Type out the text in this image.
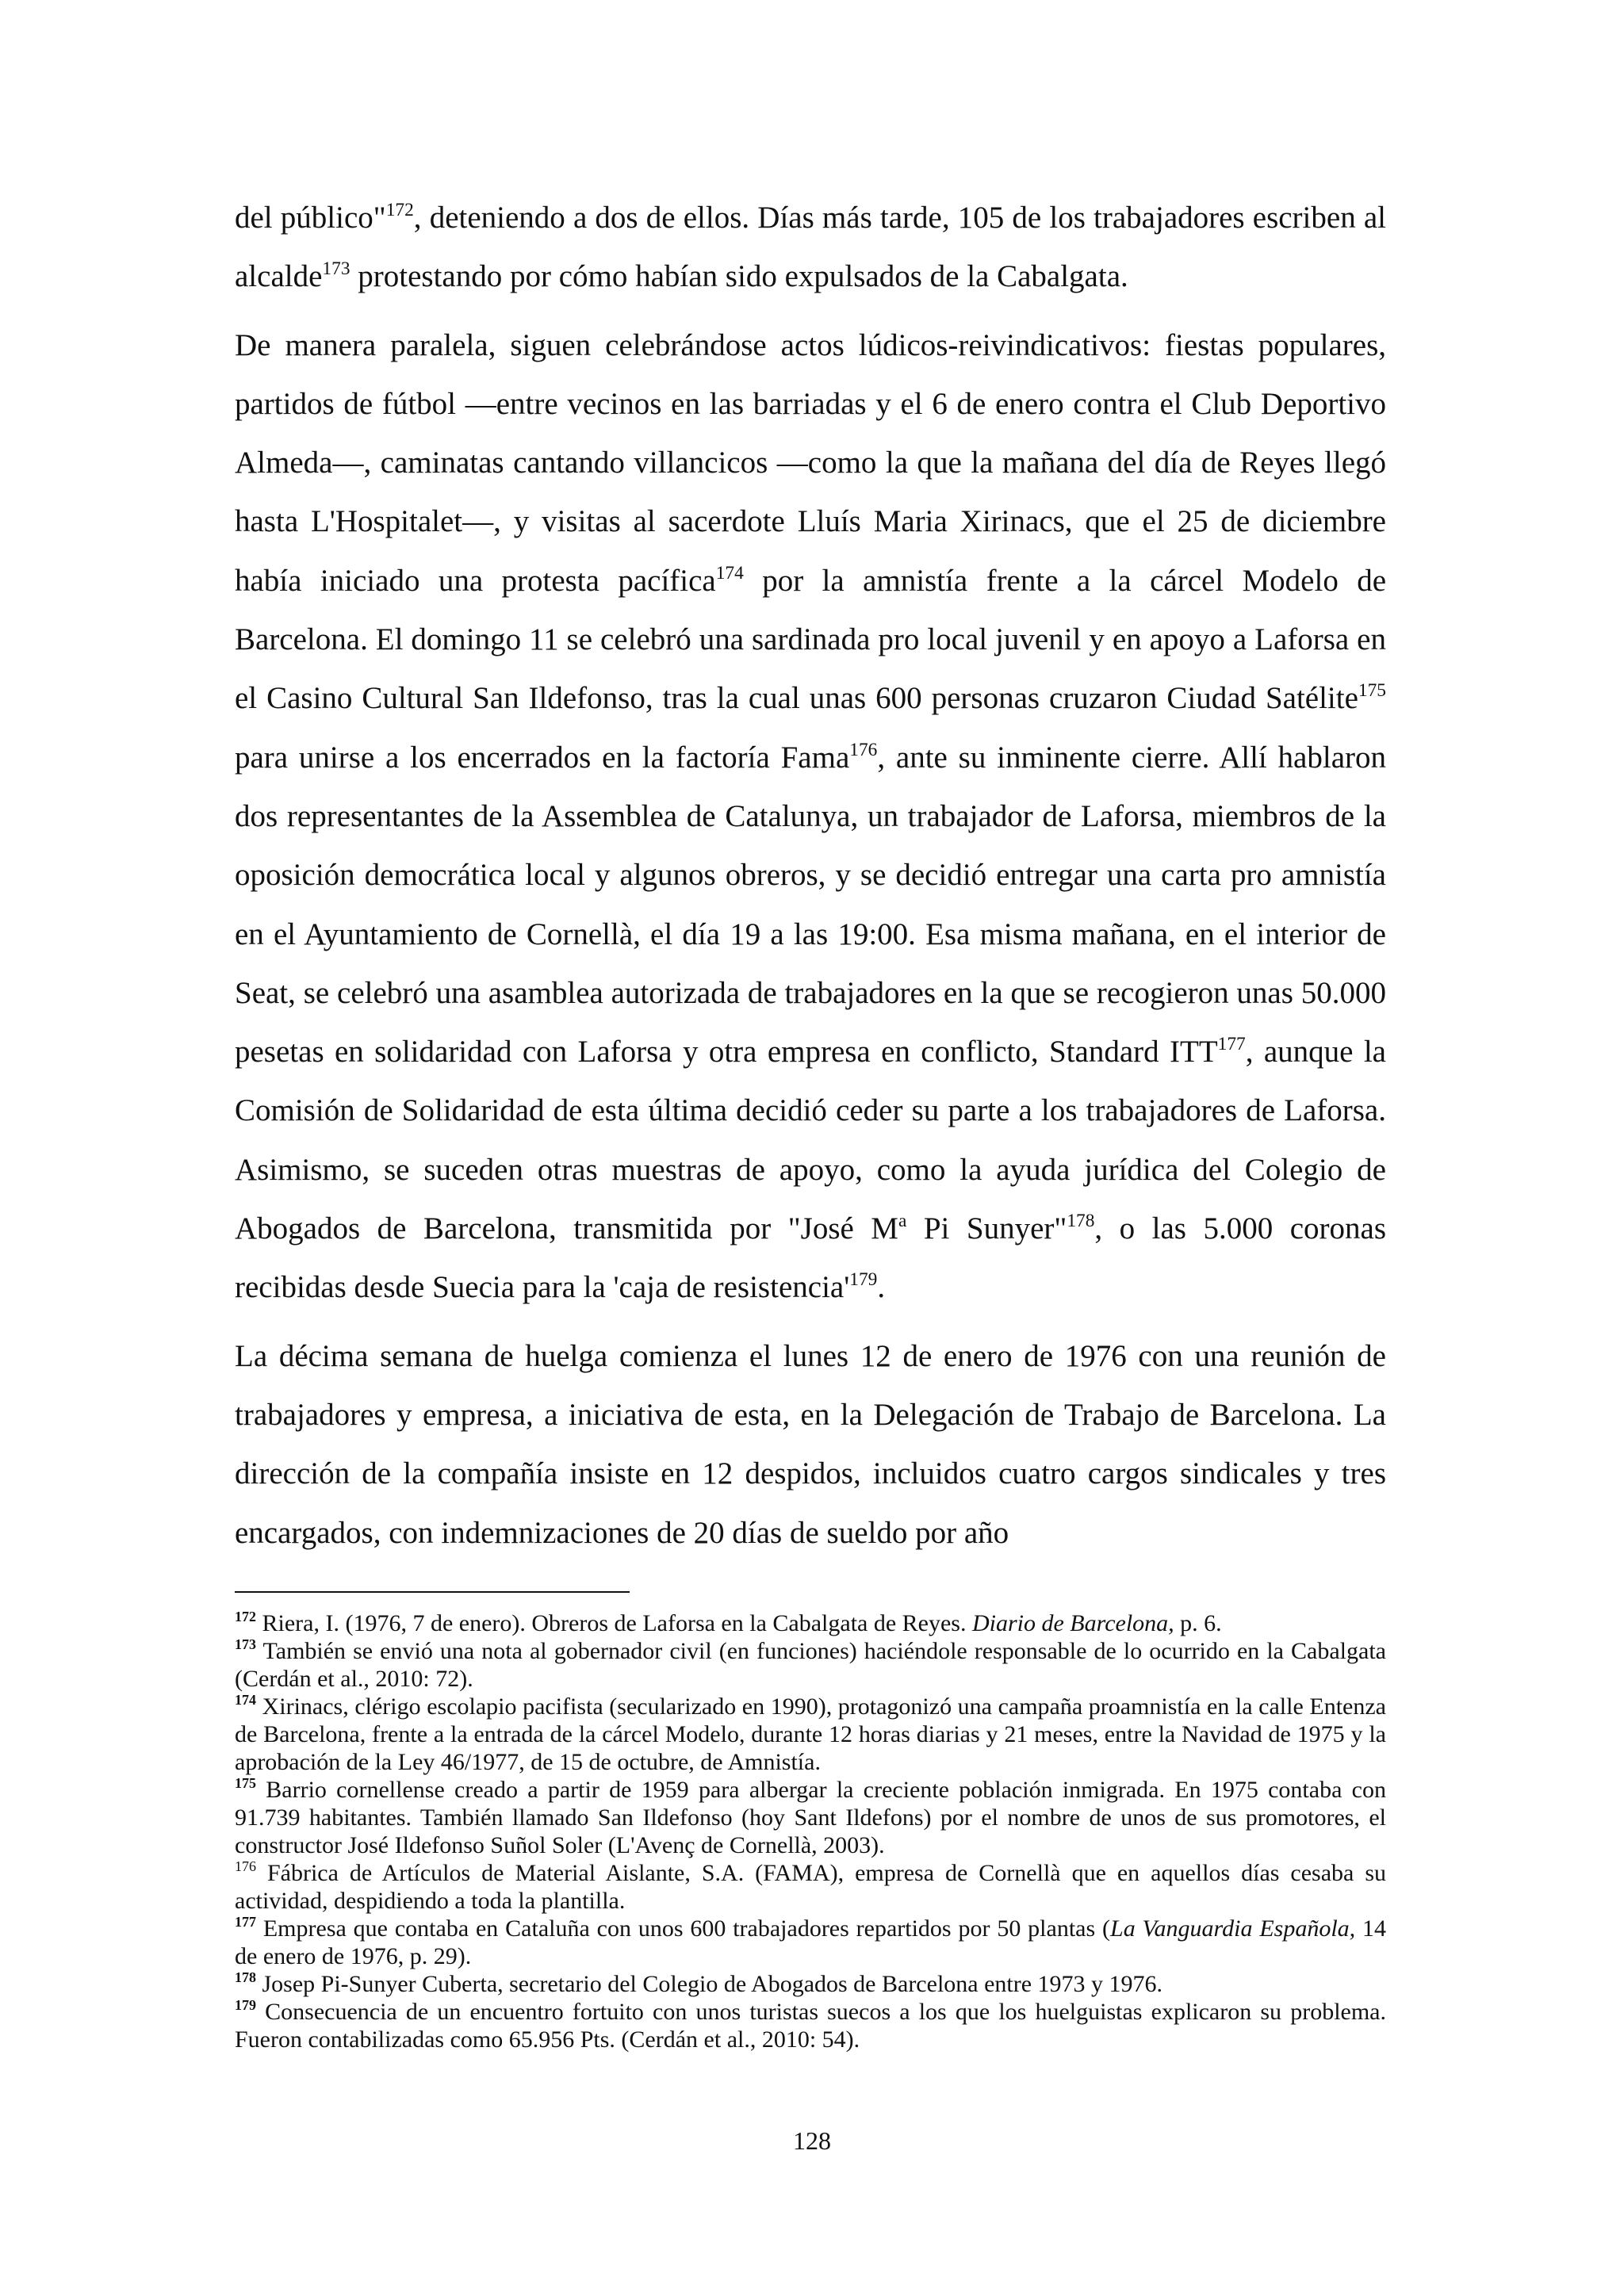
del público"$^{172}$, deteniendo a dos de ellos. Días más tarde, 105 de los trabajadores escriben al alcalde$^{173}$ protestando por cómo habían sido expulsados de la Cabalgata.

De manera paralela, siguen celebrándose actos lúdicos-reivindicativos: fiestas populares, partidos de fútbol —entre vecinos en las barriadas y el 6 de enero contra el Club Deportivo Almeda—, caminatas cantando villancicos —como la que la mañana del día de Reyes llegó hasta L'Hospitalet—, y visitas al sacerdote Lluís Maria Xirinacs, que el 25 de diciembre había iniciado una protesta pacífica$^{174}$ por la amnistía frente a la cárcel Modelo de Barcelona. El domingo 11 se celebró una sardinada pro local juvenil y en apoyo a Laforsa en el Casino Cultural San Ildefonso, tras la cual unas 600 personas cruzaron Ciudad Satélite$^{175}$ para unirse a los encerrados en la factoría Fama$^{176}$, ante su inminente cierre. Allí hablaron dos representantes de la Assemblea de Catalunya, un trabajador de Laforsa, miembros de la oposición democrática local y algunos obreros, y se decidió entregar una carta pro amnistía en el Ayuntamiento de Cornellà, el día 19 a las 19:00. Esa misma mañana, en el interior de Seat, se celebró una asamblea autorizada de trabajadores en la que se recogieron unas 50.000 pesetas en solidaridad con Laforsa y otra empresa en conflicto, Standard ITT$^{177}$, aunque la Comisión de Solidaridad de esta última decidió ceder su parte a los trabajadores de Laforsa. Asimismo, se suceden otras muestras de apoyo, como la ayuda jurídica del Colegio de Abogados de Barcelona, transmitida por "José $M^a$ Pi Sunyer"$^{178}$, o las 5.000 coronas recibidas desde Suecia para la 'caja de $resistencia'^{179}$.

La décima semana de huelga comienza el lunes 12 de enero de 1976 con una reunión de trabajadores y empresa, a iniciativa de esta, en la Delegación de Trabajo de Barcelona. La dirección de la compañía insiste en 12 despidos, incluidos cuatro cargos sindicales y tres encargados, con indemnizaciones de 20 días de sueldo por año

$^{172}$ Riera, I. (1976, 7 de enero). Obreros de Laforsa en la Cabalgata de Reyes. Diario de Barcelona, p. 6.

$^{173}$ También se envió una nota al gobernador civil (en funciones) haciéndole responsable de lo ocurrido en la Cabalgata (Cerdán et al., 2010: 72).

$^{174}$ Xirinacs, clérigo escolapio pacifista (secularizado en 1990), protagonizó una campaña proamnistía en la calle Entenza de Barcelona, frente a la entrada de la cárcel Modelo, durante 12 horas diarias y 21 meses, entre la Navidad de 1975 y la aprobación de la Ley 46/1977, de 15 de octubre, de Amnistía.

$^{175}$ Barrio cornellense creado a partir de 1959 para albergar la creciente población inmigrada. En 1975 contaba con 91.739 habitantes. También llamado San Ildefonso (hoy Sant Ildefons) por el nombre de unos de sus promotores, el constructor José Ildefonso Suñol Soler (L'Avenç de Cornellà, 2003).

$^{176}$ Fábrica de Artículos de Material Aislante, S.A. (FAMA), empresa de Cornellà que en aquellos días cesaba su actividad, despidiendo a toda la plantilla.

$^{177}$ Empresa que contaba en Cataluña con unos 600 trabajadores repartidos por 50 plantas (La Vanguardia Española, 14 de enero de 1976, p. 29).

$^{178}$ Josep Pi-Sunyer Cuberta, secretario del Colegio de Abogados de Barcelona entre 1973 y 1976.

$^{179}$ Consecuencia de un encuentro fortuito con unos turistas suecos a los que los huelguistas explicaron su problema. Fueron contabilizadas como 65.956 Pts. (Cerdán et al., 2010: 54).

128
